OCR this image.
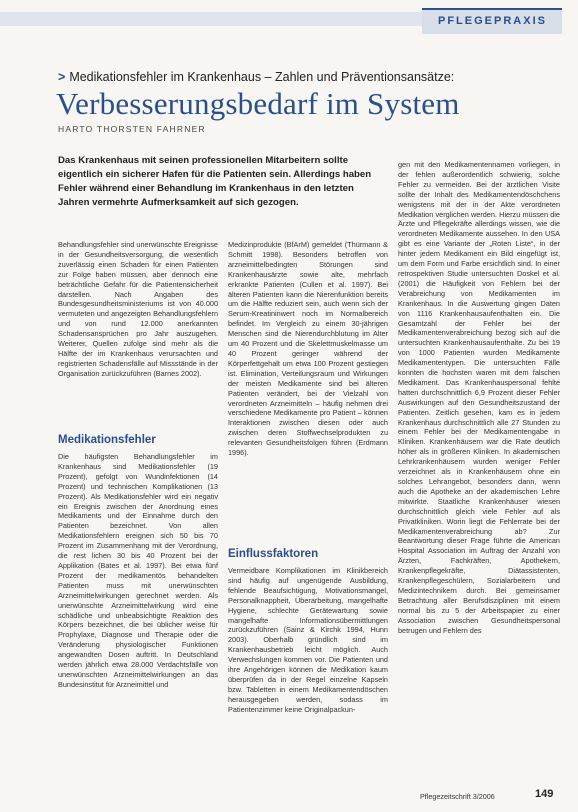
PFLEGEPRAXIS
> Medikationsfehler im Krankenhaus – Zahlen und Präventionsansätze:
Verbesserungsbedarf im System
HARTO THORSTEN FAHRNER

Das Krankenhaus mit seinen professionellen Mitarbeitern sollte eigentlich ein sicherer Hafen für die Patienten sein. Allerdings haben Fehler während einer Behandlung im Krankenhaus in den letzten Jahren vermehrte Aufmerksamkeit auf sich gezogen.

Behandlungsfehler sind unerwünschte Ereignisse in der Gesundheitsversorgung, die wesentlich zuverlässig einen Schaden für einen Patienten zur Folge haben müssen, aber dennoch eine beträchtliche Gefahr für die Patientensicherheit darstellen. Nach Angaben des Bundesgesundheitsministeriums ist von 40.000 vermuteten und angezeigten Behandlungsfehlern und von rund 12.000 anerkannten Schadensansprüchen pro Jahr auszugehen. Weiterer, Quellen zufolge sind mehr als die Hälfte der im Krankenhaus verursachten und registrierten Schadensfälle auf Missstände in der Organisation zurückzuführen (Barnes 2002).

Medikationsfehler

Die häufigsten Behandlungsfehler im Krankenhaus sind Medikationsfehler (19 Prozent), gefolgt von Wundinfektionen (14 Prozent) und technischen Komplikationen (13 Prozent). Als Medikationsfehler wird ein negativ ein Ereignis zwischen der Anordnung eines Medikaments und der Einnahme durch den Patienten bezeichnet. Von allen Medikationsfehlern ereignen sich 50 bis 70 Prozent im Zusammenhang mit der Verordnung, die rest lichen 30 bis 40 Prozent bei der Applikation (Bates et al. 1997). Bei etwa fünf Prozent der medikamentös behandelten Patienten muss mit unerwünschten Arzneimittelwirkungen gerechnet werden. Als unerwünschte Arzneimittelwirkung wird eine schädliche und unbeabsichtigte Reaktion des Körpers bezeichnet, die bei üblicher weise für Prophylaxe, Diagnose und Therapie oder die Veränderung physiologischer Funktionen angewandten Dosen auftritt. In Deutschland werden jährlich etwa 28.000 Verdachtsfälle von unerwünschten Arzneimittelwirkungen an das Bundesinstitut für Arzneimittel und

Medizinprodukte (BfArM) gemeldet (Thürmann & Schmitt 1998). Besonders betroffen von arzneimittelbedingten Störungen sind Krankenhausärzte sowie alte, mehrfach erkrankte Patienten (Cullen et al. 1997). Bei älteren Patienten kann die Nierenfunktion bereits um die Hälfte reduziert sein, auch wenn sich der Serum-Kreatininwert noch im Normalbereich befindet. Im Vergleich zu einem 30-jährigen Menschen sind die Nierendurchblutung im Alter um 40 Prozent und die Skelettmuskelmasse um 40 Prozent geringer während der Körperfettgehalt um etwa 100 Prozent gestiegen ist. Elimination, Verteilungsraum und Wirkungen der meisten Medikamente sind bei älteren Patienten verändert, bei der Vielzahl von verordneten Arzneimitteln – häufig nehmen drei verschiedene Medikamente pro Patient – können Interaktionen zwischen diesen oder auch zwischen deren Stoffwechselprodukten zu relevanten Gesundheitsfolgen führen (Erdmann 1996).

Einflussfaktoren

Vermeidbare Komplikationen im Klinikbereich sind häufig auf ungenügende Ausbildung, fehlende Beaufsichtigung, Motivationsmangel, Personalknappheit, Überarbeitung, mangelhafte Hygiene, schlechte Gerätewartung sowie mangelhafte Informationsübermittlungen zurückzuführen (Sainz & Kirchk 1994, Hunn 2003). Oberhalb gründlich sind im Krankenhausbetrieb leicht möglich. Auch Verwechslungen kommen vor. Die Patienten und ihre Angehörigen können die Medikation kaum überprüfen da in der Regel einzelne Kapseln bzw. Tabletten in einem Medikamentendöschen herausgegeben werden, sodass im Patientenzimmer keine Originalpackun-

gen mit den Medikamentennamen vorliegen, in der fehlen außerordentlich schwierig, solche Fehler zu vermeiden. Bei der ärztlichen Visite sollte der Inhalt des Medikamentendöschchens wenigstens mit der in der Akte verordneten Medikation verglichen werden. Hierzu müssen die Ärzte und Pflegekräfte allerdings wissen, wie die verordneten Medikamente aussehen. In den USA gibt es eine Variante der „Roten Liste“, in der hinter jedem Medikament ein Bild eingefügt ist, um dem Form und Farbe ersichtlich sind. In einer retrospektiven Studie untersuchten Doskel et al. (2001) die Häufigkeit von Fehlern bei der Verabreichung von Medikamenten im Krankenhaus. In die Auswertung gingen Daten von 1116 Krankenhausaufenthalten ein. Die Gesamtzahl der Fehler bei der Medikamentenverabreichung bezog sich auf die untersuchten Krankenhausaufenthalte. Zu bei 19 von 1000 Patienten wurden Medikamente Medikamententypen. Die untersuchten Fälle konnten die hochsten waren mit dem falschen Medikament. Das Krankenhauspersonal fehlte hatten durchschnittlich 6,9 Prozent dieser Fehler Auswirkungen auf den Gesundheitszustand der Patienten. Zeitlich gesehen, kam es in jedem Krankenhaus durchschnittlich alle 27 Stunden zu einem Fehler bei der Medikamentengabe in Kliniken. Krankenhäusern war die Rate deutlich höher als in größeren Kliniken. In akademischen Lehrkrankenhäusern wurden weniger Fehler verzeichnet als in Krankenhäusern ohne ein solches Lehrangebot, besonders dann, wenn auch die Apotheke an der akademischen Lehre mitwirkte. Staatliche Krankenhäuser wiesen durchschnittlich gleich viele Fehler auf als Privatkliniken. Worin liegt die Fehlerrate bei der Medikamentenverabreichung ab? Zur Beantwortung dieser Frage führte die American Hospital Association im Auftrag der Anzahl von Ärzten, Fachkräften, Apothekern, Krankenpflegekräfte, Diätassistenten, Krankenpflegeschülern, Sozialarbeitern und Medizintechnikern durch. Bei gemeinsamer Betrachtung aller Berufsdisziplinen mit einem normal bis zu 5 der Arbeitspapier zu einer Association zwischen Gesundheitspersonal betrugen und Fehlern des

Pflegezeitschrift 3/2006	149
